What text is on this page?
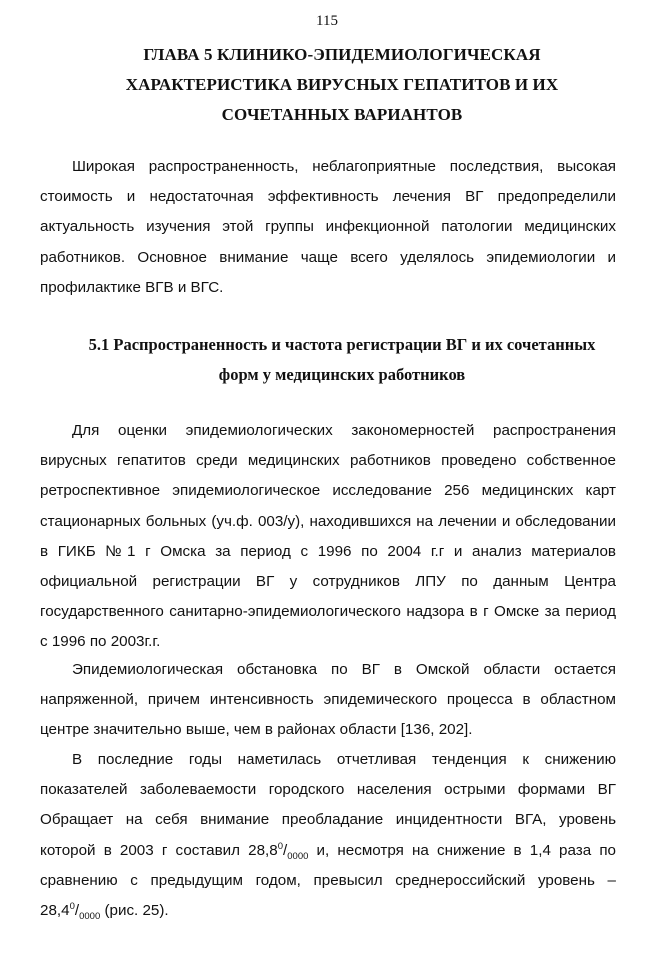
115
ГЛАВА 5 КЛИНИКО-ЭПИДЕМИОЛОГИЧЕСКАЯ ХАРАКТЕРИСТИКА ВИРУСНЫХ ГЕПАТИТОВ И ИХ СОЧЕТАННЫХ ВАРИАНТОВ

Широкая распространенность, неблагоприятные последствия, высокая стоимость и недостаточная эффективность лечения ВГ предопределили актуальность изучения этой группы инфекционной патологии медицинских работников. Основное внимание чаще всего уделялось эпидемиологии и профилактике ВГВ и ВГС.

5.1 Распространенность и частота регистрации ВГ и их сочетанных форм у медицинских работников

Для оценки эпидемиологических закономерностей распространения вирусных гепатитов среди медицинских работников проведено собственное ретроспективное эпидемиологическое исследование 256 медицинских карт стационарных больных (уч.ф. 003/у), находившихся на лечении и обследовании в ГИКБ №1 г Омска за период с 1996 по 2004 г.г и анализ материалов официальной регистрации ВГ у сотрудников ЛПУ по данным Центра государственного санитарно-эпидемиологического надзора в г Омске за период с 1996 по 2003г.г.

Эпидемиологическая обстановка по ВГ в Омской области остается напряженной, причем интенсивность эпидемического процесса в областном центре значительно выше, чем в районах области [136, 202].

В последние годы наметилась отчетливая тенденция к снижению показателей заболеваемости городского населения острыми формами ВГ Обращает на себя внимание преобладание инцидентности ВГА, уровень которой в 2003 г составил $28,8^0/_{0000}$ и, несмотря на снижение в 1,4 раза по сравнению с предыдущим годом, превысил среднероссийский уровень – $28,4^0/_{0000}$ (рис. 25).
